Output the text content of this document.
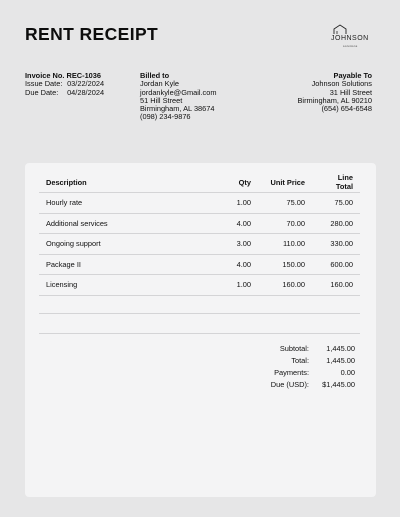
RENT RECEIPT	JOHNSON
solutions
Invoice No. REC-1036
Issue Date: 03/22/2024
Due Date: 04/28/2024
Billed to
Jordan Kyle
jordankyle@Gmail.com
51 Hill Street
Birmingham, AL 38674
(098) 234-9876
Payable To
Johnson Solutions
31 Hill Street
Birmingham, AL 90210
(654) 654-6548
Description	Qty	Unit Price	Line Total
Hourly rate	1.00	75.00	75.00
Additional services	4.00	70.00	280.00
Ongoing support	3.00	110.00	330.00
Package II	4.00	150.00	600.00
Licensing	1.00	160.00	160.00
Subtotal:	1,445.00
Total:	1,445.00
Payments:	0.00
Due (USD):	$1,445.00
